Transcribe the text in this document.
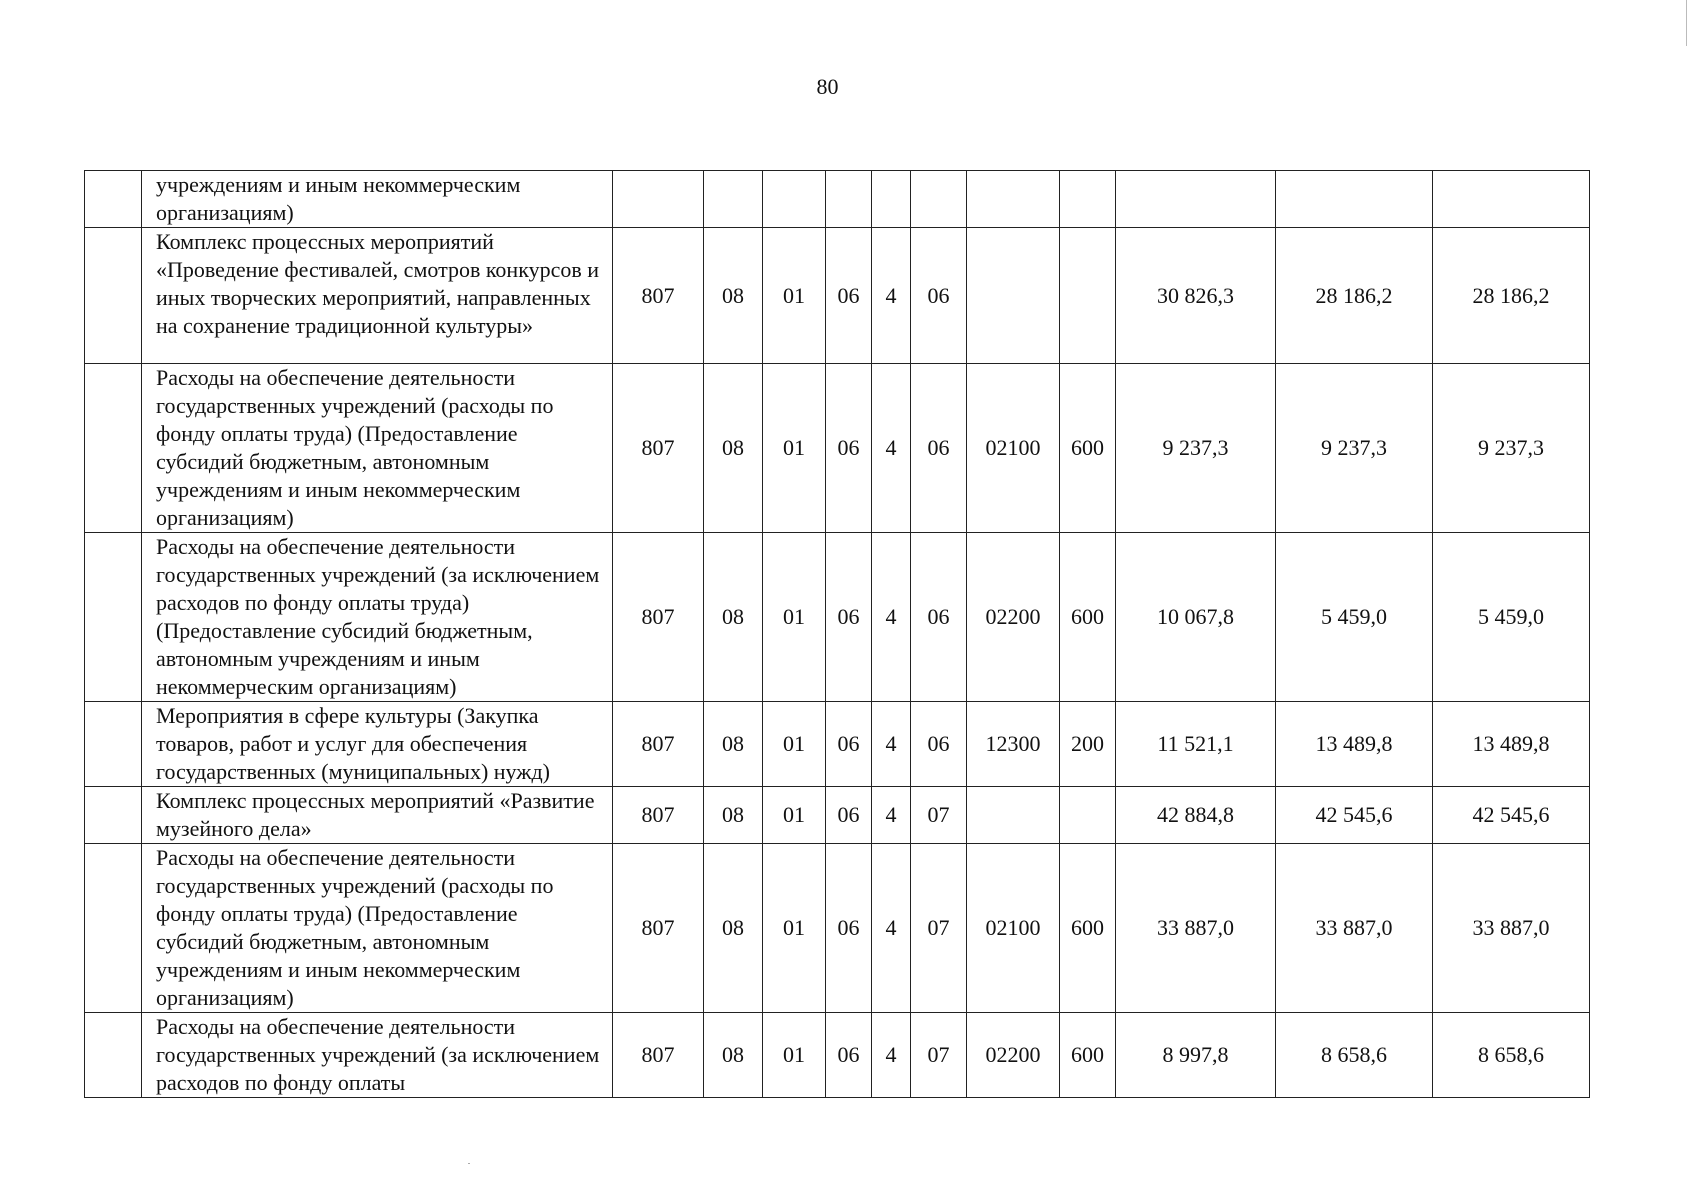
80
	учреждениям и иным некоммерческим организациям)											
	Комплекс процессных мероприятий «Проведение фестивалей, смотров конкурсов и иных творческих мероприятий, направленных на сохранение традиционной культуры»	807	08	01	06	4	06			30 826,3	28 186,2	28 186,2
	Расходы на обеспечение деятельности государственных учреждений (расходы по фонду оплаты труда) (Предоставление субсидий бюджетным, автономным учреждениям и иным некоммерческим организациям)	807	08	01	06	4	06	02100	600	9 237,3	9 237,3	9 237,3
	Расходы на обеспечение деятельности государственных учреждений (за исключением расходов по фонду оплаты труда) (Предоставление субсидий бюджетным, автономным учреждениям и иным некоммерческим организациям)	807	08	01	06	4	06	02200	600	10 067,8	5 459,0	5 459,0
	Мероприятия в сфере культуры (Закупка товаров, работ и услуг для обеспечения государственных (муниципальных) нужд)	807	08	01	06	4	06	12300	200	11 521,1	13 489,8	13 489,8
	Комплекс процессных мероприятий «Развитие музейного дела»	807	08	01	06	4	07			42 884,8	42 545,6	42 545,6
	Расходы на обеспечение деятельности государственных учреждений (расходы по фонду оплаты труда) (Предоставление субсидий бюджетным, автономным учреждениям и иным некоммерческим организациям)	807	08	01	06	4	07	02100	600	33 887,0	33 887,0	33 887,0
	Расходы на обеспечение деятельности государственных учреждений (за исключением расходов по фонду оплаты	807	08	01	06	4	07	02200	600	8 997,8	8 658,6	8 658,6
